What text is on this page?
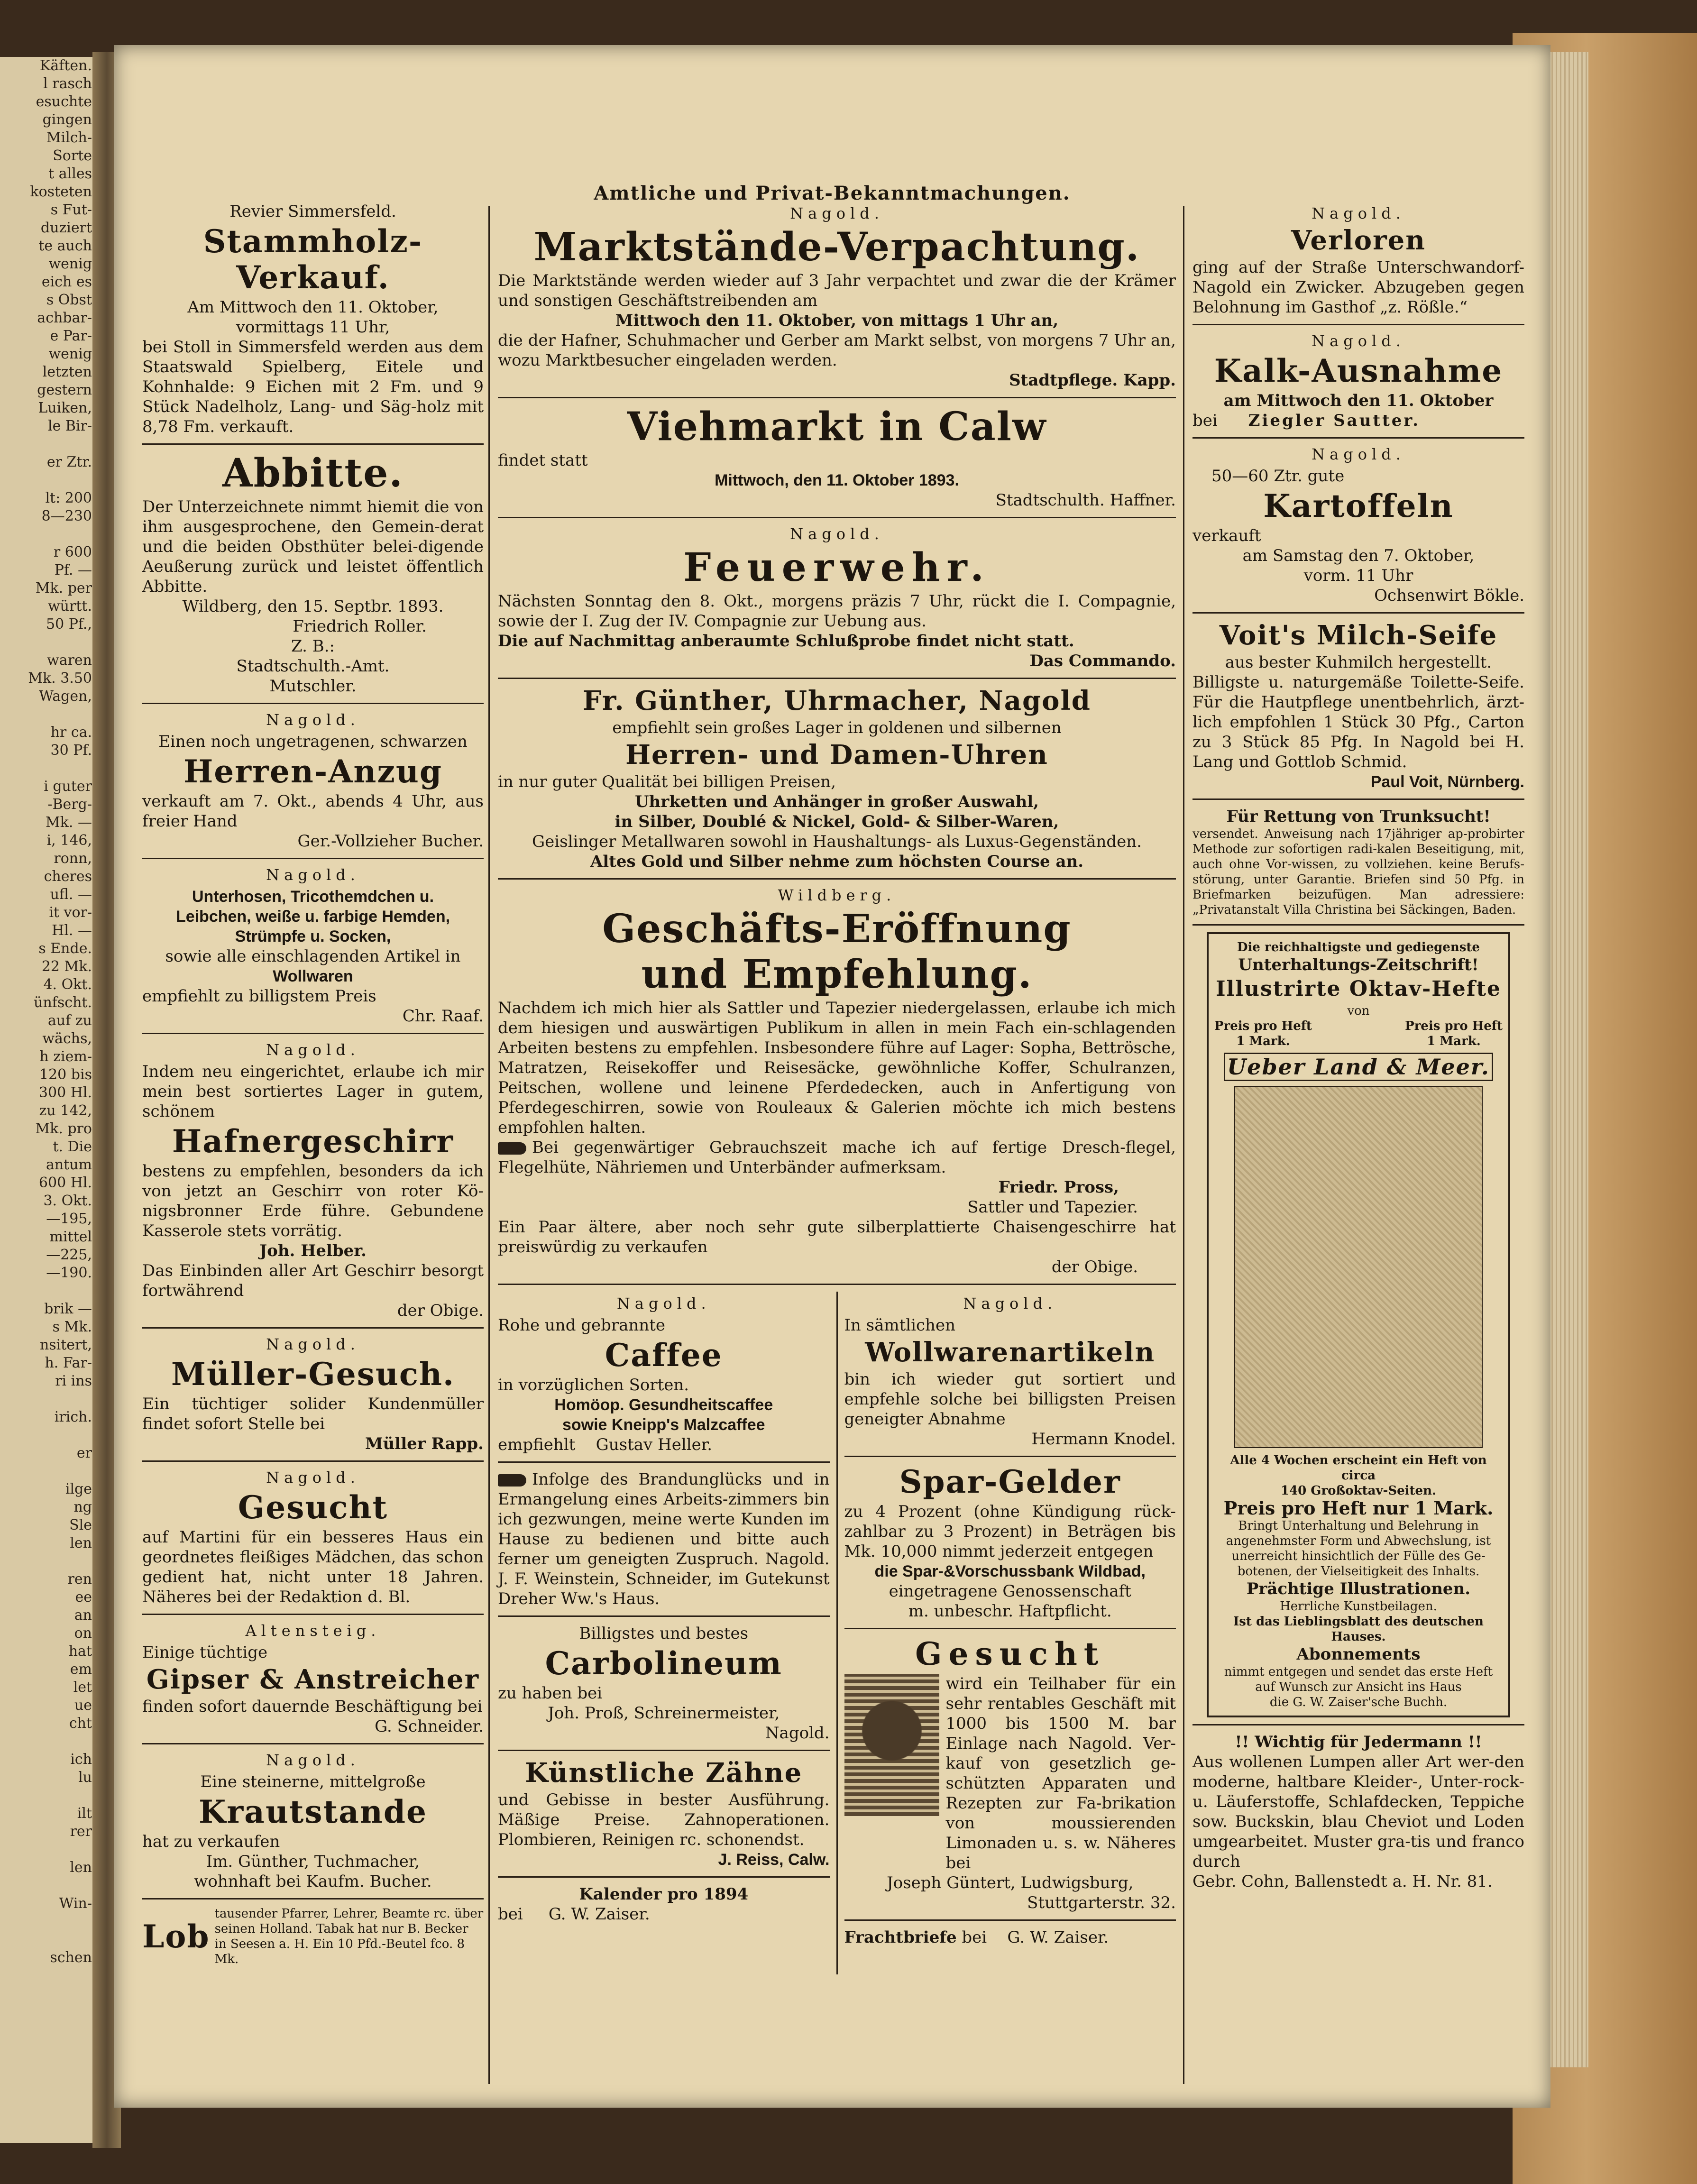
Käften.
l rasch
esuchte
gingen
Milch-
Sorte
t alles
kosteten
s Fut-
duziert
te auch
wenig
eich es
s Obst
achbar-
e Par-
wenig
letzten
gestern
Luiken,
le Bir-

er Ztr.

lt: 200
8—230

r 600
Pf. —
Mk. per
württ.
50 Pf.,

waren
Mk. 3.50
Wagen,

hr ca.
30 Pf.

i guter
-Berg-
Mk. —
i, 146,
ronn,
cheres
ufl. —
it vor-
Hl. —
s Ende.
22 Mk.
4. Okt.
ünfscht.
auf zu
wächs,
h ziem-
120 bis
300 Hl.
zu 142,
Mk. pro
t. Die
antum
600 Hl.
3. Okt.
—195,
mittel
—225,
—190.

brik —
s Mk.
nsitert,
h. Far-
ri ins

irich.

er

ilge
ng
Sle
len

ren
ee
an
on
hat
em
let
ue
cht

ich
lu

ilt
rer

len

Win-

schen
Amtliche und Privat-Bekanntmachungen.
Revier Simmersfeld.
Stammholz-Verkauf.
Am Mittwoch den 11. Oktober,
vormittags 11 Uhr,
bei Stoll in Simmersfeld werden aus dem Staatswald Spielberg, Eitele und Kohnhalde: 9 Eichen mit 2 Fm. und 9 Stück Nadelholz, Lang- und Säg-holz mit 8,78 Fm. verkauft.
Abbitte.
Der Unterzeichnete nimmt hiemit die von ihm ausgesprochene, den Gemein-derat und die beiden Obsthüter belei-digende Aeußerung zurück und leistet öffentlich Abbitte.
Wildberg, den 15. Septbr. 1893.
Friedrich Roller.
Z. B.:
Stadtschulth.-Amt.
Mutschler.
Nagold.
Einen noch ungetragenen, schwarzen
Herren-Anzug
verkauft am 7. Okt., abends 4 Uhr, aus freier Hand
Ger.-Vollzieher Bucher.
Nagold.
Unterhosen, Tricothemdchen u.
Leibchen, weiße u. farbige Hemden,
Strümpfe u. Socken,
sowie alle einschlagenden Artikel in
Wollwaren
empfiehlt zu billigstem Preis
Chr. Raaf.
Nagold.
Indem neu eingerichtet, erlaube ich mir mein best sortiertes Lager in gutem, schönem
Hafnergeschirr
bestens zu empfehlen, besonders da ich von jetzt an Geschirr von roter Kö-nigsbronner Erde führe. Gebundene Kasserole stets vorrätig.
Joh. Helber.
Das Einbinden aller Art Geschirr besorgt fortwährend
der Obige.
Nagold.
Müller-Gesuch.
Ein tüchtiger solider Kundenmüller findet sofort Stelle bei
Müller Rapp.
Nagold.
Gesucht
auf Martini für ein besseres Haus ein geordnetes fleißiges Mädchen, das schon gedient hat, nicht unter 18 Jahren. Näheres bei der Redaktion d. Bl.
Altensteig.
Einige tüchtige
Gipser & Anstreicher
finden sofort dauernde Beschäftigung bei
G. Schneider.
Nagold.
Eine steinerne, mittelgroße
Krautstande
hat zu verkaufen
Im. Günther, Tuchmacher,
wohnhaft bei Kaufm. Bucher.
Lob
tausender Pfarrer, Lehrer, Beamte rc. über seinen Holland. Tabak hat nur B. Becker in Seesen a. H. Ein 10 Pfd.-Beutel fco. 8 Mk.
Nagold.
Marktstände-Verpachtung.
Die Marktstände werden wieder auf 3 Jahr verpachtet und zwar die der Krämer und sonstigen Geschäftstreibenden am
Mittwoch den 11. Oktober, von mittags 1 Uhr an,
die der Hafner, Schuhmacher und Gerber am Markt selbst, von morgens 7 Uhr an, wozu Marktbesucher eingeladen werden.
Stadtpflege. Kapp.
Viehmarkt in Calw
findet statt
Mittwoch, den 11. Oktober 1893.
Stadtschulth. Haffner.
Nagold.
Feuerwehr.
Nächsten Sonntag den 8. Okt., morgens präzis 7 Uhr, rückt die I. Compagnie, sowie der I. Zug der IV. Compagnie zur Uebung aus.
Die auf Nachmittag anberaumte Schlußprobe findet nicht statt.
Das Commando.
Fr. Günther, Uhrmacher, Nagold
empfiehlt sein großes Lager in goldenen und silbernen
Herren- und Damen-Uhren
in nur guter Qualität bei billigen Preisen,
Uhrketten und Anhänger in großer Auswahl,
in Silber, Doublé & Nickel, Gold- & Silber-Waren,
Geislinger Metallwaren sowohl in Haushaltungs- als Luxus-Gegenständen.
Altes Gold und Silber nehme zum höchsten Course an.
Wildberg.
Geschäfts-Eröffnung
und Empfehlung.
Nachdem ich mich hier als Sattler und Tapezier niedergelassen, erlaube ich mich dem hiesigen und auswärtigen Publikum in allen in mein Fach ein-schlagenden Arbeiten bestens zu empfehlen. Insbesondere führe auf Lager: Sopha, Bettrösche, Matratzen, Reisekoffer und Reisesäcke, gewöhnliche Koffer, Schulranzen, Peitschen, wollene und leinene Pferdedecken, auch in Anfertigung von Pferdegeschirren, sowie von Rouleaux & Galerien möchte ich mich bestens empfohlen halten.
Bei gegenwärtiger Gebrauchszeit mache ich auf fertige Dresch-flegel, Flegelhüte, Nähriemen und Unterbänder aufmerksam.
Friedr. Pross,
Sattler und Tapezier.
Ein Paar ältere, aber noch sehr gute silberplattierte Chaisengeschirre hat preiswürdig zu verkaufen
der Obige.
Nagold.
Rohe und gebrannte
Caffee
in vorzüglichen Sorten.
Homöop. Gesundheitscaffee
sowie Kneipp's Malzcaffee
empfiehlt Gustav Heller.
Infolge des Brandunglücks und in Ermangelung eines Arbeits-zimmers bin ich gezwungen, meine werte Kunden im Hause zu bedienen und bitte auch ferner um geneigten Zuspruch. Nagold. J. F. Weinstein, Schneider, im Gutekunst Dreher Ww.'s Haus.
Billigstes und bestes
Carbolineum
zu haben bei
Joh. Proß, Schreinermeister,
Nagold.
Künstliche Zähne
und Gebisse in bester Ausführung. Mäßige Preise. Zahnoperationen. Plombieren, Reinigen rc. schonendst.
J. Reiss, Calw.
Kalender pro 1894
bei G. W. Zaiser.
Nagold.
In sämtlichen
Wollwarenartikeln
bin ich wieder gut sortiert und empfehle solche bei billigsten Preisen geneigter Abnahme
Hermann Knodel.
Spar-Gelder
zu 4 Prozent (ohne Kündigung rück-zahlbar zu 3 Prozent) in Beträgen bis Mk. 10,000 nimmt jederzeit entgegen
die Spar-&Vorschussbank Wildbad,
eingetragene Genossenschaft
m. unbeschr. Haftpflicht.
Gesucht
wird ein Teilhaber für ein sehr rentables Geschäft mit 1000 bis 1500 M. bar Einlage nach Nagold. Ver-kauf von gesetzlich ge-schützten Apparaten und Rezepten zur Fa-brikation von moussierenden Limonaden u. s. w. Näheres bei
Joseph Güntert, Ludwigsburg,
Stuttgarterstr. 32.
Frachtbriefe bei G. W. Zaiser.
Nagold.
Verloren
ging auf der Straße Unterschwandorf-Nagold ein Zwicker. Abzugeben gegen Belohnung im Gasthof „z. Rößle.“
Nagold.
Kalk-Ausnahme
am Mittwoch den 11. Oktober
bei Ziegler Sautter.
Nagold.
50—60 Ztr. gute
Kartoffeln
verkauft
am Samstag den 7. Oktober,
vorm. 11 Uhr
Ochsenwirt Bökle.
Voit's Milch-Seife
aus bester Kuhmilch hergestellt.
Billigste u. naturgemäße Toilette-Seife. Für die Hautpflege unentbehrlich, ärzt-lich empfohlen 1 Stück 30 Pfg., Carton zu 3 Stück 85 Pfg. In Nagold bei H. Lang und Gottlob Schmid.
Paul Voit, Nürnberg.
Für Rettung von Trunksucht!
versendet. Anweisung nach 17jähriger ap-probirter Methode zur sofortigen radi-kalen Beseitigung, mit, auch ohne Vor-wissen, zu vollziehen. keine Berufs-störung, unter Garantie. Briefen sind 50 Pfg. in Briefmarken beizufügen. Man adressiere: „Privatanstalt Villa Christina bei Säckingen, Baden.
Die reichhaltigste und gediegenste
Unterhaltungs-Zeitschrift!
Illustrirte Oktav-Hefte
von
Preis pro Heft
1 Mark.
Preis pro Heft
1 Mark.
Ueber Land & Meer.
Alle 4 Wochen erscheint ein Heft von circa
140 Großoktav-Seiten.
Preis pro Heft nur 1 Mark.
Bringt Unterhaltung und Belehrung in angenehmster Form und Abwechslung, ist unerreicht hinsichtlich der Fülle des Ge-botenen, der Vielseitigkeit des Inhalts.
Prächtige Illustrationen.
Herrliche Kunstbeilagen.
Ist das Lieblingsblatt des deutschen Hauses.
Abonnements
nimmt entgegen und sendet das erste Heft auf Wunsch zur Ansicht ins Haus
die G. W. Zaiser'sche Buchh.
!! Wichtig für Jedermann !!
Aus wollenen Lumpen aller Art wer-den moderne, haltbare Kleider-, Unter-rock- u. Läuferstoffe, Schlafdecken, Teppiche sow. Buckskin, blau Cheviot und Loden umgearbeitet. Muster gra-tis und franco durch
Gebr. Cohn, Ballenstedt a. H. Nr. 81.
